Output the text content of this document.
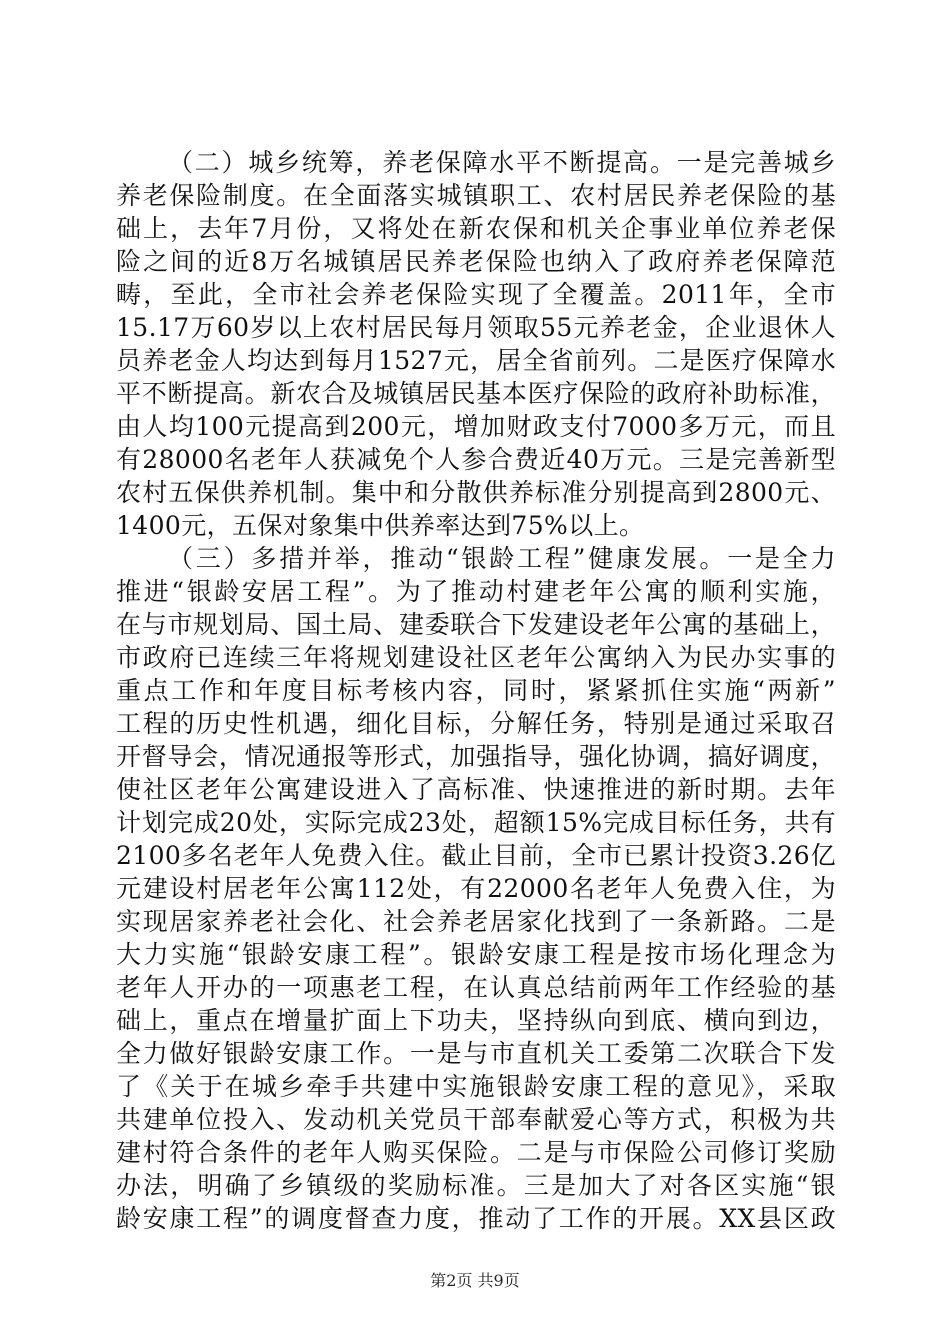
（二）城乡统筹，养老保障水平不断提高。一是完善城乡
养老保险制度。在全面落实城镇职工、农村居民养老保险的基
础上，去年7月份，又将处在新农保和机关企事业单位养老保
险之间的近8万名城镇居民养老保险也纳入了政府养老保障范
畴，至此，全市社会养老保险实现了全覆盖。2011年，全市
15.17万60岁以上农村居民每月领取55元养老金，企业退休人
员养老金人均达到每月1527元，居全省前列。二是医疗保障水
平不断提高。新农合及城镇居民基本医疗保险的政府补助标准，
由人均100元提高到200元，增加财政支付7000多万元，而且
有28000名老年人获减免个人参合费近40万元。三是完善新型
农村五保供养机制。集中和分散供养标准分别提高到2800元、
1400元，五保对象集中供养率达到75%以上。
（三）多措并举，推动“银龄工程”健康发展。一是全力
推进“银龄安居工程”。为了推动村建老年公寓的顺利实施，
在与市规划局、国土局、建委联合下发建设老年公寓的基础上，
市政府已连续三年将规划建设社区老年公寓纳入为民办实事的
重点工作和年度目标考核内容，同时，紧紧抓住实施“两新”
工程的历史性机遇，细化目标，分解任务，特别是通过采取召
开督导会，情况通报等形式，加强指导，强化协调，搞好调度，
使社区老年公寓建设进入了高标准、快速推进的新时期。去年
计划完成20处，实际完成23处，超额15%完成目标任务，共有
2100多名老年人免费入住。截止目前，全市已累计投资3.26亿
元建设村居老年公寓112处，有22000名老年人免费入住，为
实现居家养老社会化、社会养老居家化找到了一条新路。二是
大力实施“银龄安康工程”。银龄安康工程是按市场化理念为
老年人开办的一项惠老工程，在认真总结前两年工作经验的基
础上，重点在增量扩面上下功夫，坚持纵向到底、横向到边，
全力做好银龄安康工作。一是与市直机关工委第二次联合下发
了《关于在城乡牵手共建中实施银龄安康工程的意见》，采取
共建单位投入、发动机关党员干部奉献爱心等方式，积极为共
建村符合条件的老年人购买保险。二是与市保险公司修订奖励
办法，明确了乡镇级的奖励标准。三是加大了对各区实施“银
龄安康工程”的调度督查力度，推动了工作的开展。XX县区政
第2页 共9页
